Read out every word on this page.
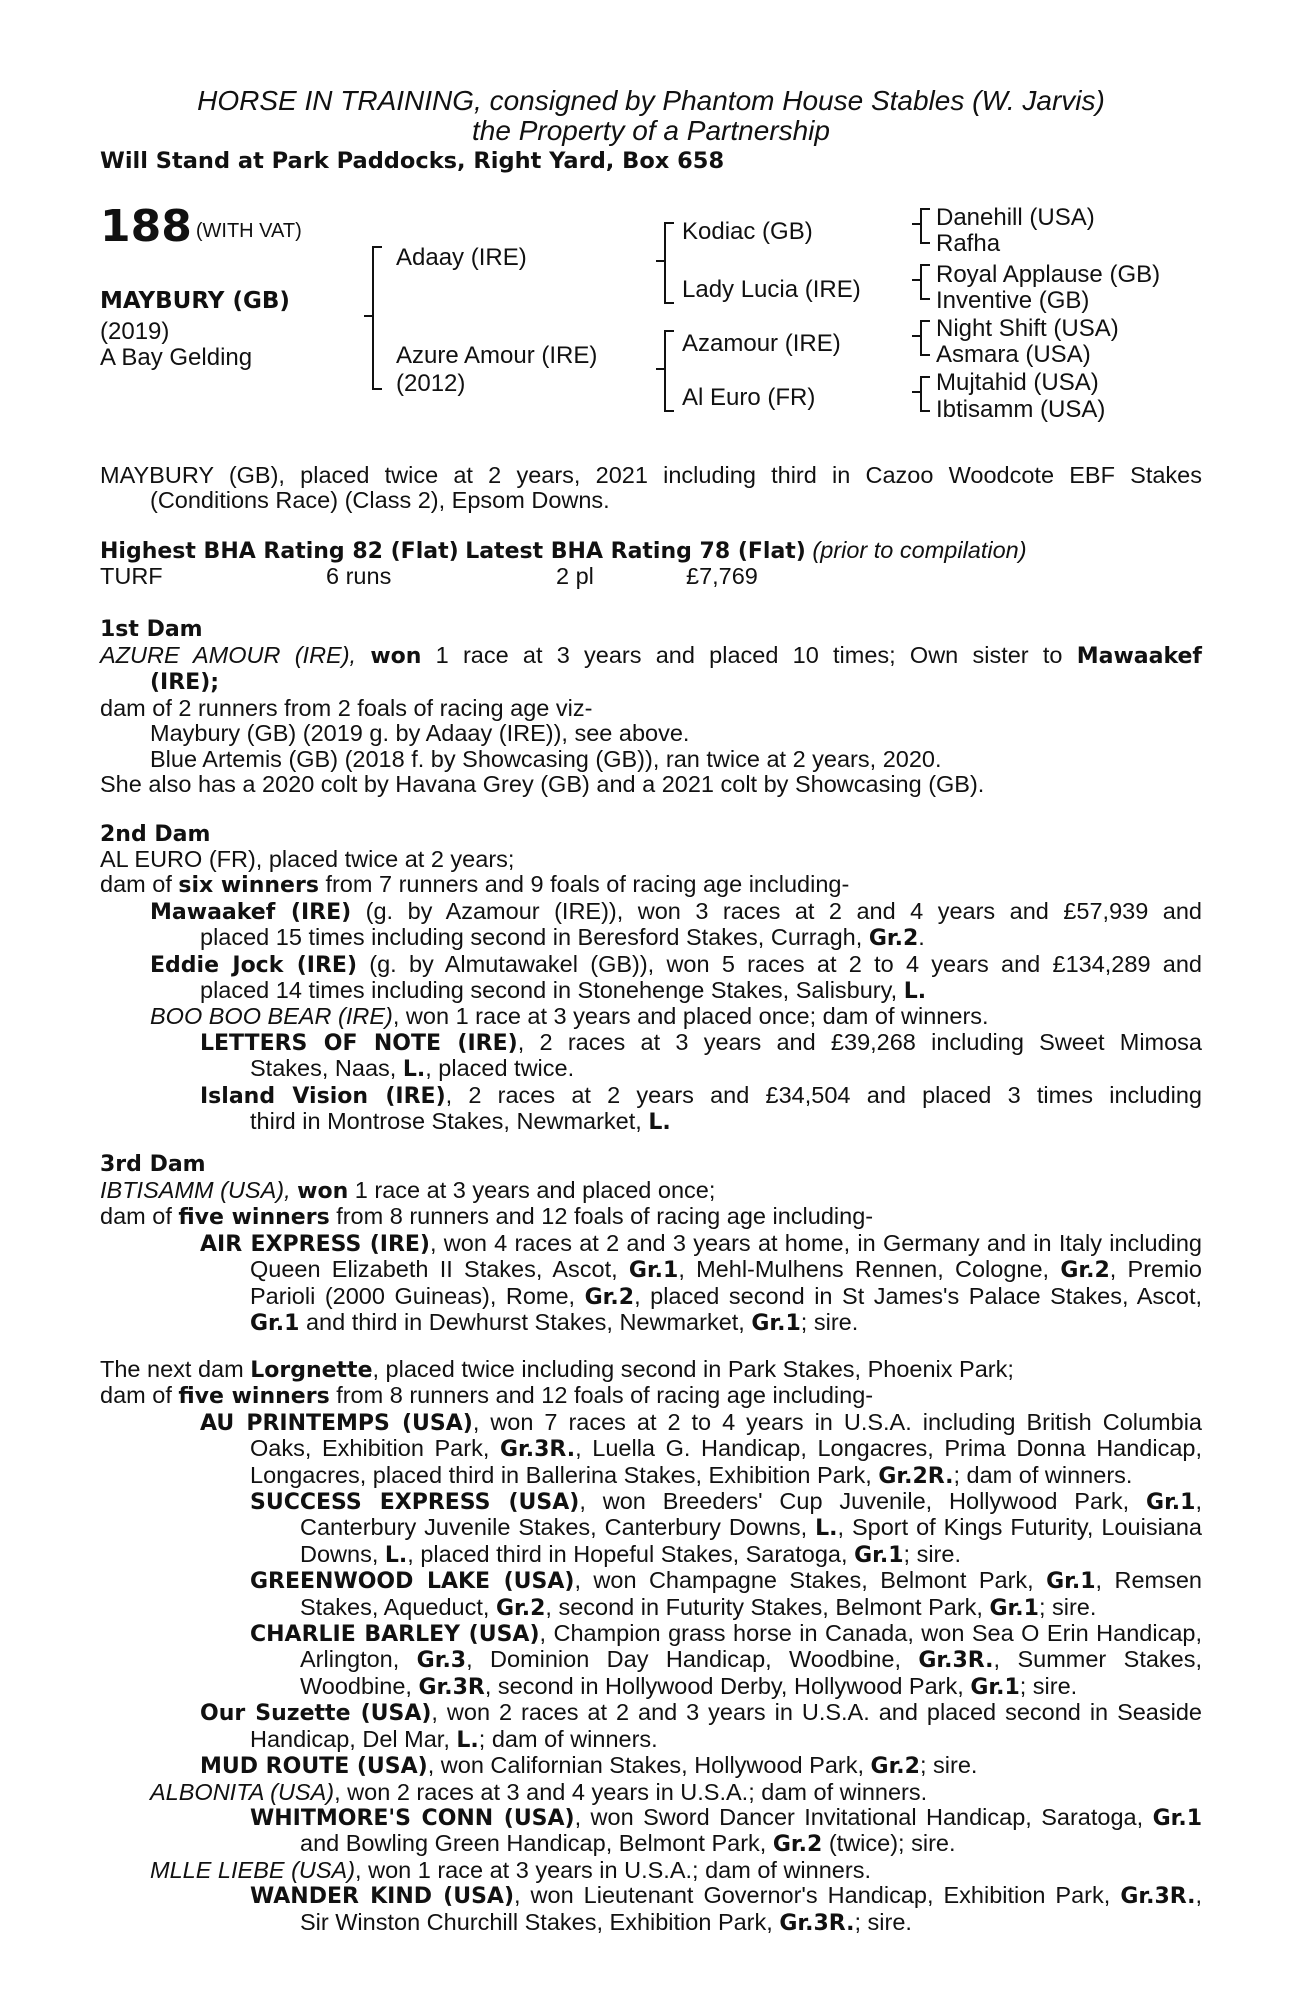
HORSE IN TRAINING, consigned by Phantom House Stables (W. Jarvis)
the Property of a Partnership
Will Stand at Park Paddocks, Right Yard, Box 658
188 (WITH VAT)
MAYBURY (GB)
(2019)
A Bay Gelding
Adaay (IRE)
Azure Amour (IRE)
(2012)
Kodiac (GB)
Lady Lucia (IRE)
Azamour (IRE)
Al Euro (FR)
Danehill (USA)
Rafha
Royal Applause (GB)
Inventive (GB)
Night Shift (USA)
Asmara (USA)
Mujtahid (USA)
Ibtisamm (USA)
MAYBURY (GB), placed twice at 2 years, 2021 including third in Cazoo Woodcote EBF Stakes
(Conditions Race) (Class 2), Epsom Downs.
Highest BHA Rating 82 (Flat) Latest BHA Rating 78 (Flat) (prior to compilation)
TURF	6 runs	2 pl	£7,769
1st Dam
AZURE AMOUR (IRE), won 1 race at 3 years and placed 10 times; Own sister to Mawaakef
(IRE);
dam of 2 runners from 2 foals of racing age viz-
Maybury (GB) (2019 g. by Adaay (IRE)), see above.
Blue Artemis (GB) (2018 f. by Showcasing (GB)), ran twice at 2 years, 2020.
She also has a 2020 colt by Havana Grey (GB) and a 2021 colt by Showcasing (GB).
2nd Dam
AL EURO (FR), placed twice at 2 years;
dam of six winners from 7 runners and 9 foals of racing age including-
Mawaakef (IRE) (g. by Azamour (IRE)), won 3 races at 2 and 4 years and £57,939 and
placed 15 times including second in Beresford Stakes, Curragh, Gr.2.
Eddie Jock (IRE) (g. by Almutawakel (GB)), won 5 races at 2 to 4 years and £134,289 and
placed 14 times including second in Stonehenge Stakes, Salisbury, L.
BOO BOO BEAR (IRE), won 1 race at 3 years and placed once; dam of winners.
LETTERS OF NOTE (IRE), 2 races at 3 years and £39,268 including Sweet Mimosa
Stakes, Naas, L., placed twice.
Island Vision (IRE), 2 races at 2 years and £34,504 and placed 3 times including
third in Montrose Stakes, Newmarket, L.
3rd Dam
IBTISAMM (USA), won 1 race at 3 years and placed once;
dam of five winners from 8 runners and 12 foals of racing age including-
AIR EXPRESS (IRE), won 4 races at 2 and 3 years at home, in Germany and in Italy including Queen Elizabeth II Stakes, Ascot, Gr.1, Mehl-Mulhens Rennen, Cologne, Gr.2, Premio Parioli (2000 Guineas), Rome, Gr.2, placed second in St James's Palace Stakes, Ascot, Gr.1 and third in Dewhurst Stakes, Newmarket, Gr.1; sire.
The next dam Lorgnette, placed twice including second in Park Stakes, Phoenix Park;
dam of five winners from 8 runners and 12 foals of racing age including-
AU PRINTEMPS (USA), won 7 races at 2 to 4 years in U.S.A. including British Columbia Oaks, Exhibition Park, Gr.3R., Luella G. Handicap, Longacres, Prima Donna Handicap, Longacres, placed third in Ballerina Stakes, Exhibition Park, Gr.2R.; dam of winners.
SUCCESS EXPRESS (USA), won Breeders' Cup Juvenile, Hollywood Park, Gr.1, Canterbury Juvenile Stakes, Canterbury Downs, L., Sport of Kings Futurity, Louisiana Downs, L., placed third in Hopeful Stakes, Saratoga, Gr.1; sire.
GREENWOOD LAKE (USA), won Champagne Stakes, Belmont Park, Gr.1, Remsen Stakes, Aqueduct, Gr.2, second in Futurity Stakes, Belmont Park, Gr.1; sire.
CHARLIE BARLEY (USA), Champion grass horse in Canada, won Sea O Erin Handicap, Arlington, Gr.3, Dominion Day Handicap, Woodbine, Gr.3R., Summer Stakes, Woodbine, Gr.3R, second in Hollywood Derby, Hollywood Park, Gr.1; sire.
Our Suzette (USA), won 2 races at 2 and 3 years in U.S.A. and placed second in Seaside Handicap, Del Mar, L.; dam of winners.
MUD ROUTE (USA), won Californian Stakes, Hollywood Park, Gr.2; sire.
ALBONITA (USA), won 2 races at 3 and 4 years in U.S.A.; dam of winners.
WHITMORE'S CONN (USA), won Sword Dancer Invitational Handicap, Saratoga, Gr.1 and Bowling Green Handicap, Belmont Park, Gr.2 (twice); sire.
MLLE LIEBE (USA), won 1 race at 3 years in U.S.A.; dam of winners.
WANDER KIND (USA), won Lieutenant Governor's Handicap, Exhibition Park, Gr.3R., Sir Winston Churchill Stakes, Exhibition Park, Gr.3R.; sire.
